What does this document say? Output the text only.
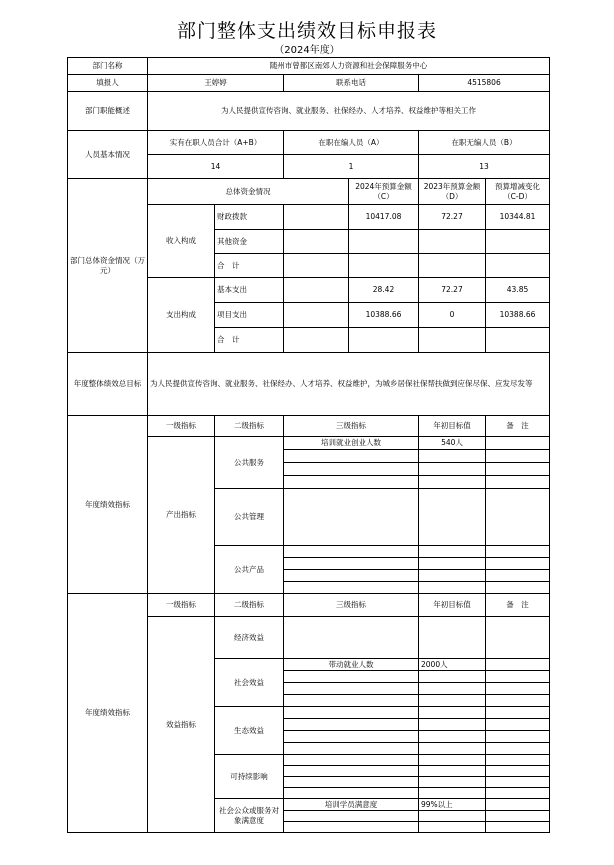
部门整体支出绩效目标申报表
（2024年度）
部门名称	随州市曾都区南郊人力资源和社会保障服务中心					
填报人	王婷婷		联系电话		4515806	
部门职能概述	为人民提供宣传咨询、就业服务、社保经办、人才培养、权益维护等相关工作					
人员基本情况	实有在职人员合计（A+B）		在职在编人员（A）		在职无编人员（B）	
	14		1		13	
部门总体资金情况（万元）	总体资金情况			2024年预算金额（C）	2023年预算金额（D）	预算增减变化（C-D）
	收入构成	财政拨款		10417.08	72.27	10344.81
		其他资金				
		合　计				
	支出构成	基本支出		28.42	72.27	43.85
		项目支出		10388.66	0	10388.66
		合　计				
年度整体绩效总目标	为人民提供宣传咨询、就业服务、社保经办、人才培养、权益维护，为城乡居保社保帮扶做到应保尽保、应发尽发等					
年度绩效指标	一级指标	二级指标	三级指标		年初目标值	备　注
	产出指标	公共服务	培训就业创业人数		540人	

		公共管理				
		公共产品				

年度绩效指标	一级指标	二级指标	三级指标		年初目标值	备　注
	效益指标	经济效益				
		社会效益	带动就业人数		2000人	

		生态效益				

		可持续影响				

		社会公众或服务对象满意度	培训学员满意度		99%以上	
